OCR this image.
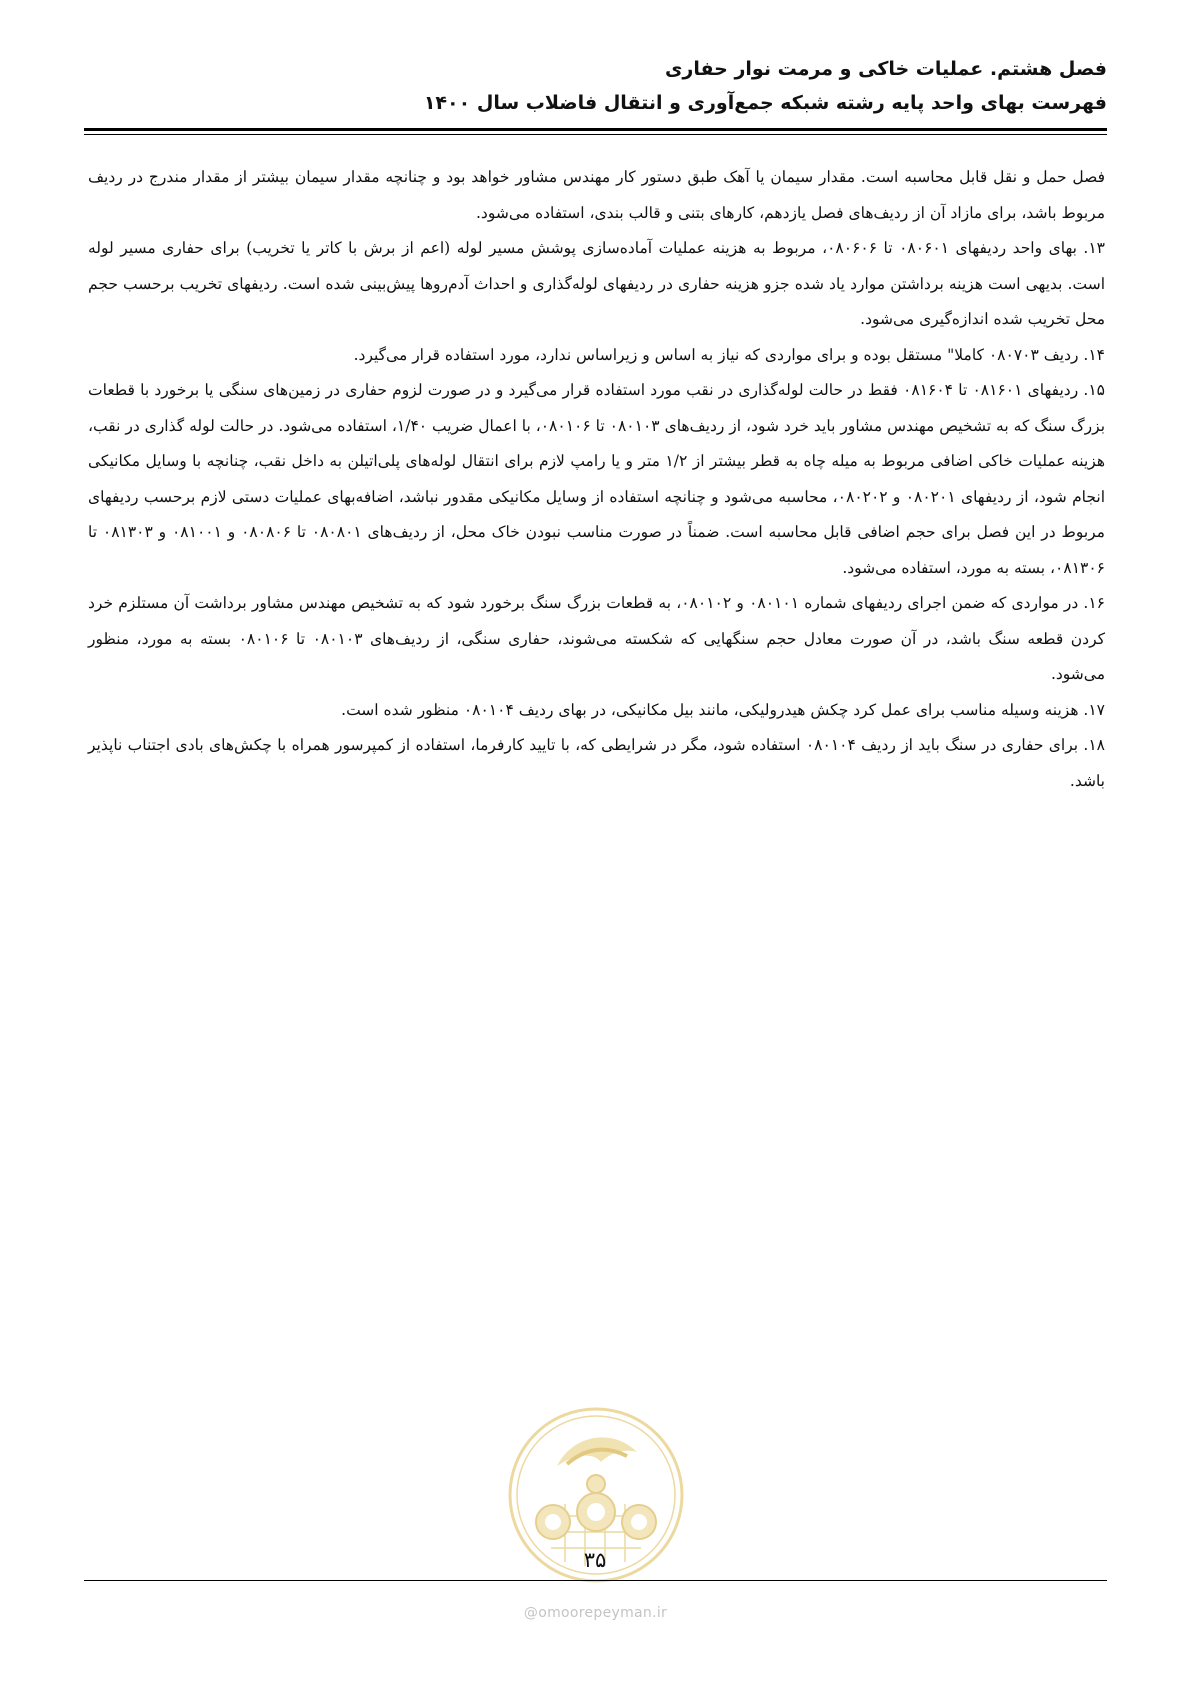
فصل هشتم. عملیات خاکی و مرمت نوار حفاری
فهرست بهای واحد پایه رشته شبکه جمع‌آوری و انتقال فاضلاب سال ۱۴۰۰

فصل حمل و نقل قابل محاسبه است. مقدار سیمان یا آهک طبق دستور کار مهندس مشاور خواهد بود و چنانچه مقدار سیمان بیشتر از مقدار مندرج در ردیف مربوط باشد، برای مازاد آن از ردیف‌های فصل یازدهم، کارهای بتنی و قالب بندی، استفاده می‌شود.

۱۳. بهای واحد ردیفهای ۰۸۰۶۰۱ تا ۰۸۰۶۰۶، مربوط به هزینه عملیات آماده‌سازی پوشش مسیر لوله (اعم از برش با کاتر یا تخریب) برای حفاری مسیر لوله است. بدیهی است هزینه برداشتن موارد یاد شده جزو هزینه حفاری در ردیفهای لوله‌گذاری و احداث آدم‌روها پیش‌بینی شده است. ردیفهای تخریب برحسب حجم محل تخریب شده اندازه‌گیری می‌شود.

۱۴. ردیف ۰۸۰۷۰۳ کاملا" مستقل بوده و برای مواردی که نیاز به اساس و زیراساس ندارد، مورد استفاده قرار می‌گیرد.

۱۵. ردیفهای ۰۸۱۶۰۱ تا ۰۸۱۶۰۴ فقط در حالت لوله‌گذاری در نقب مورد استفاده قرار می‌گیرد و در صورت لزوم حفاری در زمین‌های سنگی یا برخورد با قطعات بزرگ سنگ که به تشخیص مهندس مشاور باید خرد شود، از ردیف‌های ۰۸۰۱۰۳ تا ۰۸۰۱۰۶، با اعمال ضریب ۱/۴۰، استفاده می‌شود. در حالت لوله گذاری در نقب، هزینه عملیات خاکی اضافی مربوط به میله چاه به قطر بیشتر از ۱/۲ متر و یا رامپ لازم برای انتقال لوله‌های پلی‌اتیلن به داخل نقب، چنانچه با وسایل مکانیکی انجام شود، از ردیفهای ۰۸۰۲۰۱ و ۰۸۰۲۰۲، محاسبه می‌شود و چنانچه استفاده از وسایل مکانیکی مقدور نباشد، اضافه‌بهای عملیات دستی لازم برحسب ردیفهای مربوط در این فصل برای حجم اضافی قابل محاسبه است. ضمناً در صورت مناسب نبودن خاک محل، از ردیف‌های ۰۸۰۸۰۱ تا ۰۸۰۸۰۶ و ۰۸۱۰۰۱ و ۰۸۱۳۰۳ تا ۰۸۱۳۰۶، بسته به مورد، استفاده می‌شود.

۱۶. در مواردی که ضمن اجرای ردیفهای شماره ۰۸۰۱۰۱ و ۰۸۰۱۰۲، به قطعات بزرگ سنگ برخورد شود که به تشخیص مهندس مشاور برداشت آن مستلزم خرد کردن قطعه سنگ باشد، در آن صورت معادل حجم سنگهایی که شکسته می‌شوند، حفاری سنگی، از ردیف‌های ۰۸۰۱۰۳ تا ۰۸۰۱۰۶ بسته به مورد، منظور می‌شود.

۱۷. هزینه وسیله مناسب برای عمل کرد چکش هیدرولیکی، مانند بیل مکانیکی، در بهای ردیف ۰۸۰۱۰۴ منظور شده است.

۱۸. برای حفاری در سنگ باید از ردیف ۰۸۰۱۰۴ استفاده شود، مگر در شرایطی که، با تایید کارفرما، استفاده از کمپرسور همراه با چکش‌های بادی اجتناب ناپذیر باشد.

۳۵
@omoorepeyman.ir
